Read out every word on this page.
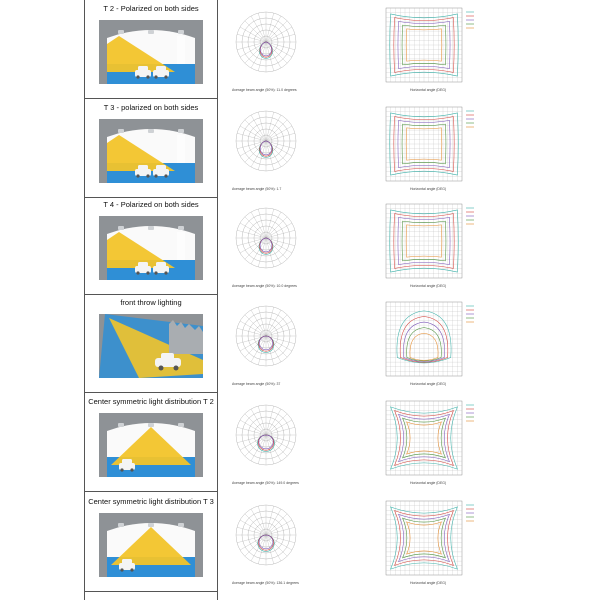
T 2 - Polarized on both sides
Average beam angle (50%): 11.0 degrees	Horizontal angle (DEG)
T 3 - polarized on both sides
Average beam angle (50%): 1.7	Horizontal angle (DEG)
T 4 - Polarized on both sides
Average beam angle (50%): 10.0 degrees	Horizontal angle (DEG)
front throw lighting
Average beam angle (50%): 37	Horizontal angle (DEG)
Center symmetric light distribution T 2
Average beam angle (50%): 149.0 degrees	Horizontal angle (DEG)
Center symmetric light distribution T 3
Average beam angle (50%): 136.1 degrees	Horizontal angle (DEG)
